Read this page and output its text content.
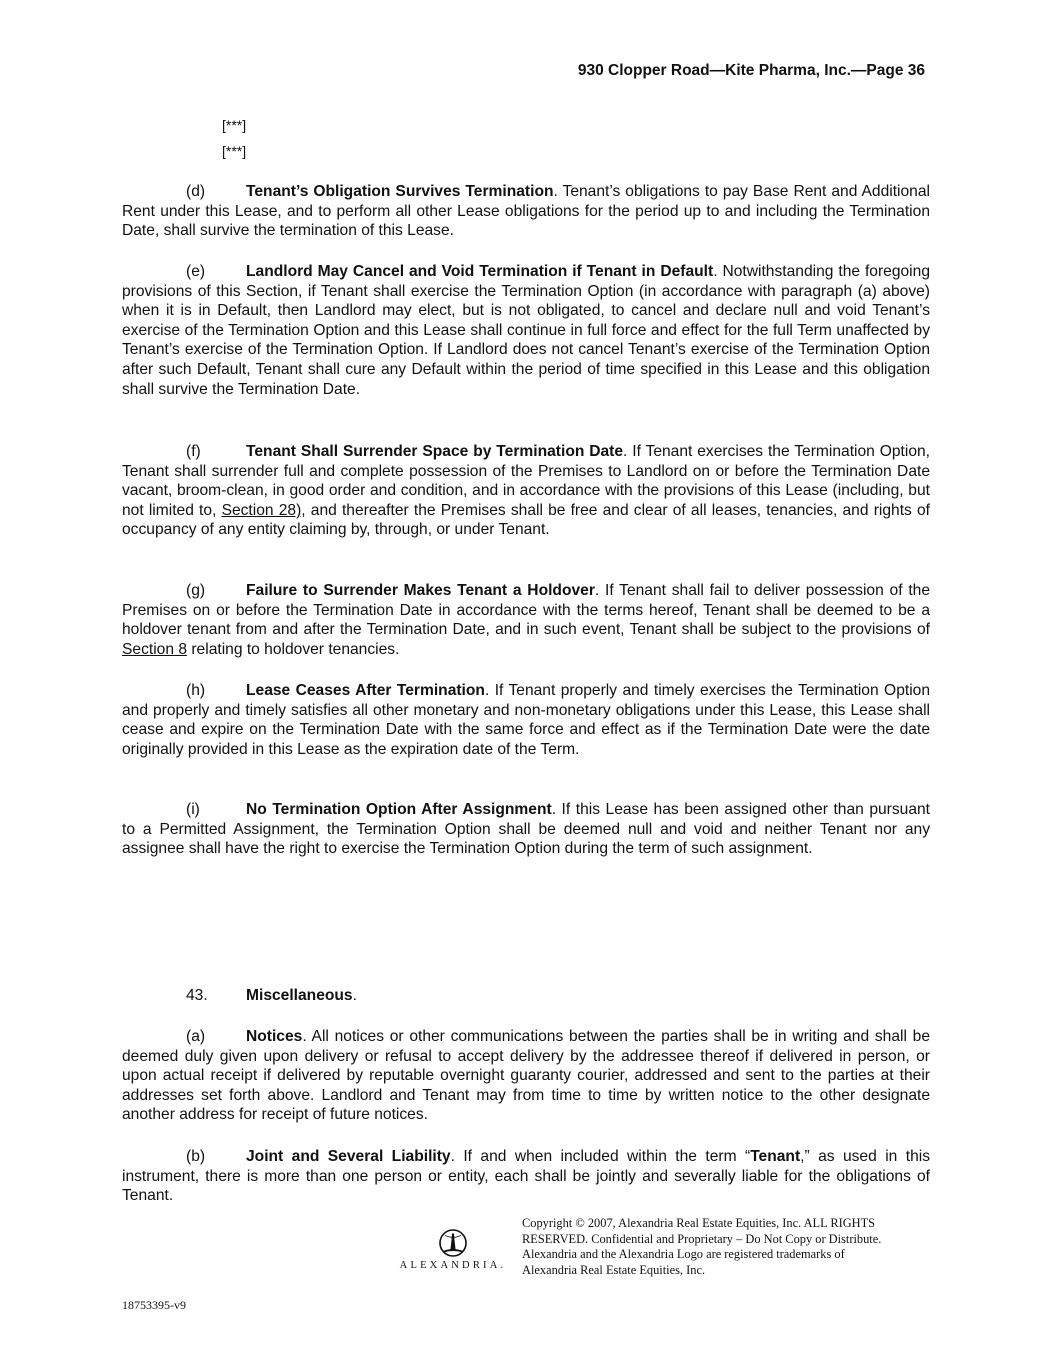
930 Clopper Road—Kite Pharma, Inc.—Page 36
[***]
[***]

(d)	Tenant’s Obligation Survives Termination. Tenant’s obligations to pay Base Rent and Additional Rent under this Lease, and to perform all other Lease obligations for the period up to and including the Termination Date, shall survive the termination of this Lease.

(e)	Landlord May Cancel and Void Termination if Tenant in Default. Notwithstanding the foregoing provisions of this Section, if Tenant shall exercise the Termination Option (in accordance with paragraph (a) above) when it is in Default, then Landlord may elect, but is not obligated, to cancel and declare null and void Tenant’s exercise of the Termination Option and this Lease shall continue in full force and effect for the full Term unaffected by Tenant’s exercise of the Termination Option. If Landlord does not cancel Tenant’s exercise of the Termination Option after such Default, Tenant shall cure any Default within the period of time specified in this Lease and this obligation shall survive the Termination Date.

(f)	Tenant Shall Surrender Space by Termination Date. If Tenant exercises the Termination Option, Tenant shall surrender full and complete possession of the Premises to Landlord on or before the Termination Date vacant, broom-clean, in good order and condition, and in accordance with the provisions of this Lease (including, but not limited to, Section 28), and thereafter the Premises shall be free and clear of all leases, tenancies, and rights of occupancy of any entity claiming by, through, or under Tenant.

(g)	Failure to Surrender Makes Tenant a Holdover. If Tenant shall fail to deliver possession of the Premises on or before the Termination Date in accordance with the terms hereof, Tenant shall be deemed to be a holdover tenant from and after the Termination Date, and in such event, Tenant shall be subject to the provisions of Section 8 relating to holdover tenancies.

(h)	Lease Ceases After Termination. If Tenant properly and timely exercises the Termination Option and properly and timely satisfies all other monetary and non-monetary obligations under this Lease, this Lease shall cease and expire on the Termination Date with the same force and effect as if the Termination Date were the date originally provided in this Lease as the expiration date of the Term.

(i)	No Termination Option After Assignment. If this Lease has been assigned other than pursuant to a Permitted Assignment, the Termination Option shall be deemed null and void and neither Tenant nor any assignee shall have the right to exercise the Termination Option during the term of such assignment.

43. Miscellaneous.

(a)	Notices. All notices or other communications between the parties shall be in writing and shall be deemed duly given upon delivery or refusal to accept delivery by the addressee thereof if delivered in person, or upon actual receipt if delivered by reputable overnight guaranty courier, addressed and sent to the parties at their addresses set forth above. Landlord and Tenant may from time to time by written notice to the other designate another address for receipt of future notices.

(b)	Joint and Several Liability. If and when included within the term “Tenant,” as used in this instrument, there is more than one person or entity, each shall be jointly and severally liable for the obligations of Tenant.

ALEXANDRIA.
Copyright © 2007, Alexandria Real Estate Equities, Inc. ALL RIGHTS RESERVED. Confidential and Proprietary – Do Not Copy or Distribute. Alexandria and the Alexandria Logo are registered trademarks of Alexandria Real Estate Equities, Inc.
18753395-v9
